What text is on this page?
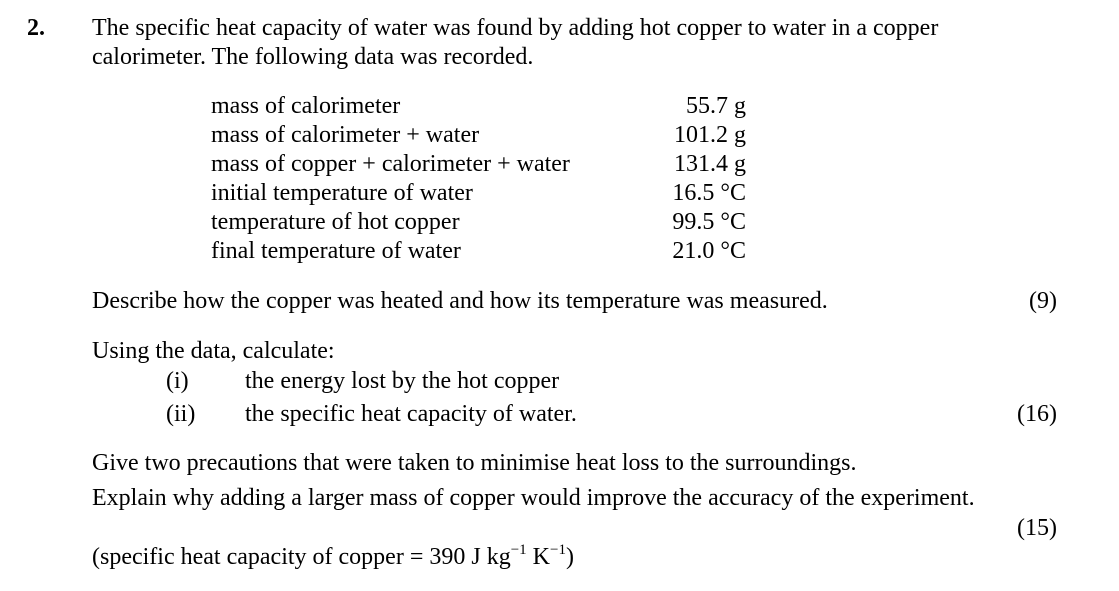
2. The specific heat capacity of water was found by adding hot copper to water in a copper
calorimeter. The following data was recorded.
mass of calorimeter	55.7 g
mass of calorimeter + water	101.2 g
mass of copper + calorimeter + water	131.4 g
initial temperature of water	16.5 °C
temperature of hot copper	99.5 °C
final temperature of water	21.0 °C
Describe how the copper was heated and how its temperature was measured.	(9)
Using the data, calculate:
(i) the energy lost by the hot copper
(ii) the specific heat capacity of water.	(16)
Give two precautions that were taken to minimise heat loss to the surroundings.
Explain why adding a larger mass of copper would improve the accuracy of the experiment.
(15)
(specific heat capacity of copper = 390 J $kg^{-1}$ $K^{-1}$)
